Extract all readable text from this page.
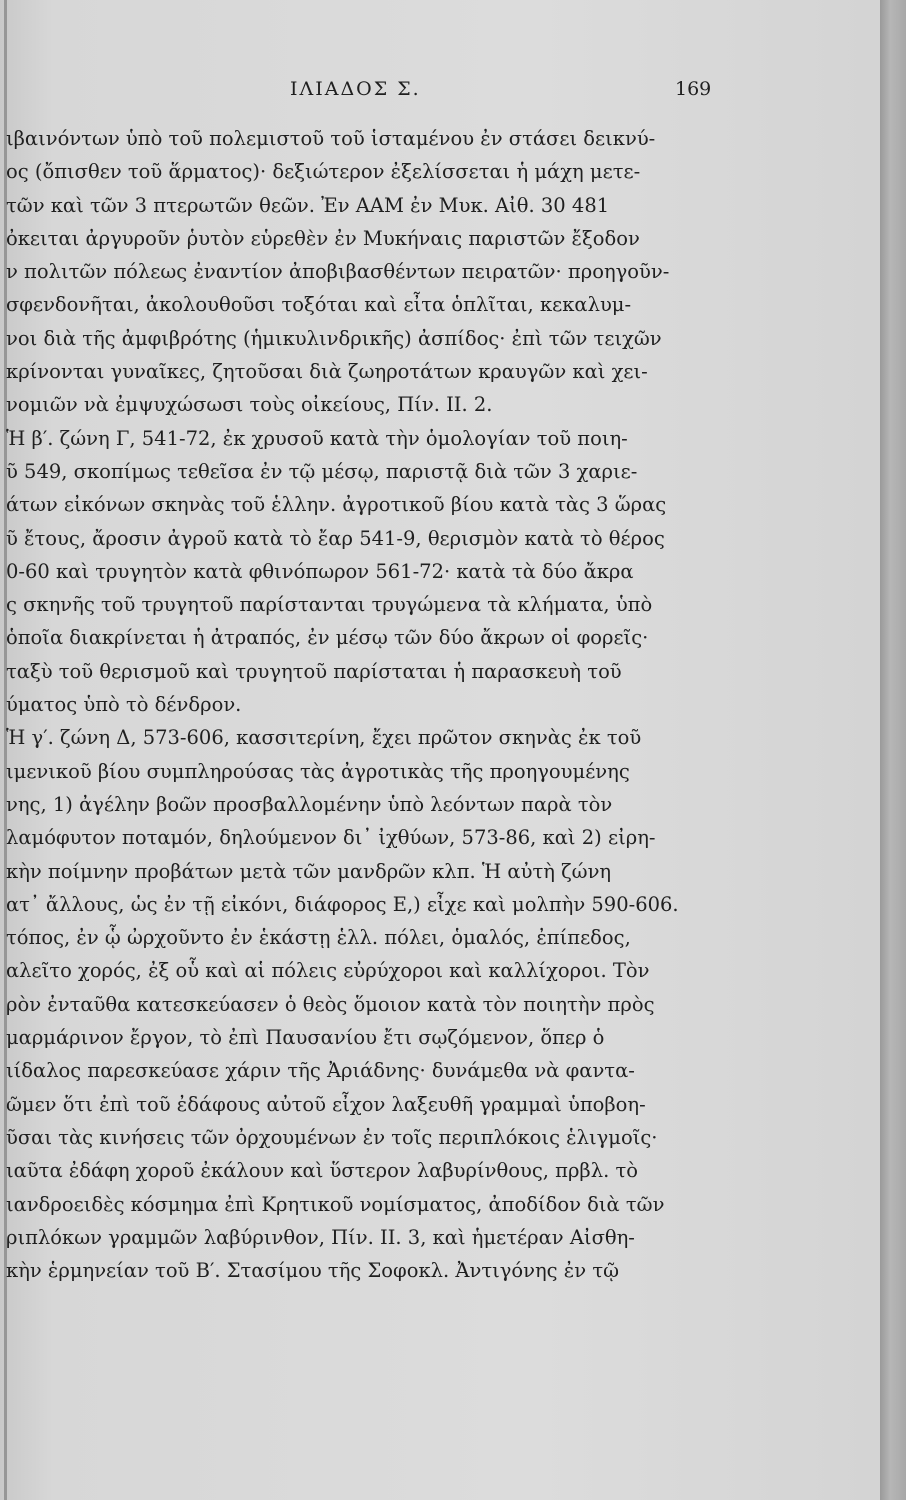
ΙΛΙΑΔΟΣ Σ.	169
ιβαινόντων ὑπὸ τοῦ πολεμιστοῦ τοῦ ἱσταμένου ἐν στάσει δεικνύ-
ος (ὄπισθεν τοῦ ἅρματος)· δεξιώτερον ἐξελίσσεται ἡ μάχη μετε-
τῶν καὶ τῶν 3 πτερωτῶν θεῶν. Ἐν ΑΑΜ ἐν Μυκ. Αἰθ. 30 481
ὀκειται ἀργυροῦν ῥυτὸν εὑρεθὲν ἐν Μυκήναις παριστῶν ἔξοδον
ν πολιτῶν πόλεως ἐναντίον ἀποβιβασθέντων πειρατῶν· προηγοῦν-
σφενδονῆται, ἀκολουθοῦσι τοξόται καὶ εἶτα ὁπλῖται, κεκαλυμ-
νοι διὰ τῆς ἀμφιβρότης (ἡμικυλινδρικῆς) ἀσπίδος· ἐπὶ τῶν τειχῶν
κρίνονται γυναῖκες, ζητοῦσαι διὰ ζωηροτάτων κραυγῶν καὶ χει-
νομιῶν νὰ ἐμψυχώσωσι τοὺς οἰκείους, Πίν. ΙΙ. 2.
Ἡ β′. ζώνη Γ, 541-72, ἐκ χρυσοῦ κατὰ τὴν ὁμολογίαν τοῦ ποιη-
ῦ 549, σκοπίμως τεθεῖσα ἐν τῷ μέσῳ, παριστᾷ διὰ τῶν 3 χαριε-
άτων εἰκόνων σκηνὰς τοῦ ἑλλην. ἀγροτικοῦ βίου κατὰ τὰς 3 ὥρας
ῦ ἔτους, ἄροσιν ἀγροῦ κατὰ τὸ ἔαρ 541-9, θερισμὸν κατὰ τὸ θέρος
0-60 καὶ τρυγητὸν κατὰ φθινόπωρον 561-72· κατὰ τὰ δύο ἄκρα
ς σκηνῆς τοῦ τρυγητοῦ παρίστανται τρυγώμενα τὰ κλήματα, ὑπὸ
ὁποῖα διακρίνεται ἡ ἀτραπός, ἐν μέσῳ τῶν δύο ἄκρων οἱ φορεῖς·
ταξὺ τοῦ θερισμοῦ καὶ τρυγητοῦ παρίσταται ἡ παρασκευὴ τοῦ
ύματος ὑπὸ τὸ δένδρον.
Ἡ γ′. ζώνη Δ, 573-606, κασσιτερίνη, ἔχει πρῶτον σκηνὰς ἐκ τοῦ
ιμενικοῦ βίου συμπληρούσας τὰς ἀγροτικὰς τῆς προηγουμένης
νης, 1) ἀγέλην βοῶν προσβαλλομένην ὑπὸ λεόντων παρὰ τὸν
λαμόφυτον ποταμόν, δηλούμενον δι᾽ ἰχθύων, 573-86, καὶ 2) εἰρη-
κὴν ποίμνην προβάτων μετὰ τῶν μανδρῶν κλπ. Ἡ αὐτὴ ζώνη
ατ᾽ ἄλλους, ὡς ἐν τῇ εἰκόνι, διάφορος Ε,) εἶχε καὶ μολπὴν 590-606.
τόπος, ἐν ᾧ ὠρχοῦντο ἐν ἑκάστῃ ἑλλ. πόλει, ὁμαλός, ἐπίπεδος,
αλεῖτο χορός, ἐξ οὗ καὶ αἱ πόλεις εὐρύχοροι καὶ καλλίχοροι. Τὸν
ρὸν ἐνταῦθα κατεσκεύασεν ὁ θεὸς ὅμοιον κατὰ τὸν ποιητὴν πρὸς
μαρμάρινον ἔργον, τὸ ἐπὶ Παυσανίου ἔτι σῳζόμενον, ὅπερ ὁ
ιίδαλος παρεσκεύασε χάριν τῆς Ἀριάδνης· δυνάμεθα νὰ φαντα-
ῶμεν ὅτι ἐπὶ τοῦ ἐδάφους αὐτοῦ εἶχον λαξευθῆ γραμμαὶ ὑποβοη-
ῦσαι τὰς κινήσεις τῶν ὀρχουμένων ἐν τοῖς περιπλόκοις ἑλιγμοῖς·
ιαῦτα ἐδάφη χοροῦ ἐκάλουν καὶ ὕστερον λαβυρίνθους, πρβλ. τὸ
ιανδροειδὲς κόσμημα ἐπὶ Κρητικοῦ νομίσματος, ἀποδίδον διὰ τῶν
ριπλόκων γραμμῶν λαβύρινθον, Πίν. ΙΙ. 3, καὶ ἡμετέραν Αἰσθη-
κὴν ἑρμηνείαν τοῦ Β′. Στασίμου τῆς Σοφοκλ. Ἀντιγόνης ἐν τῷ
